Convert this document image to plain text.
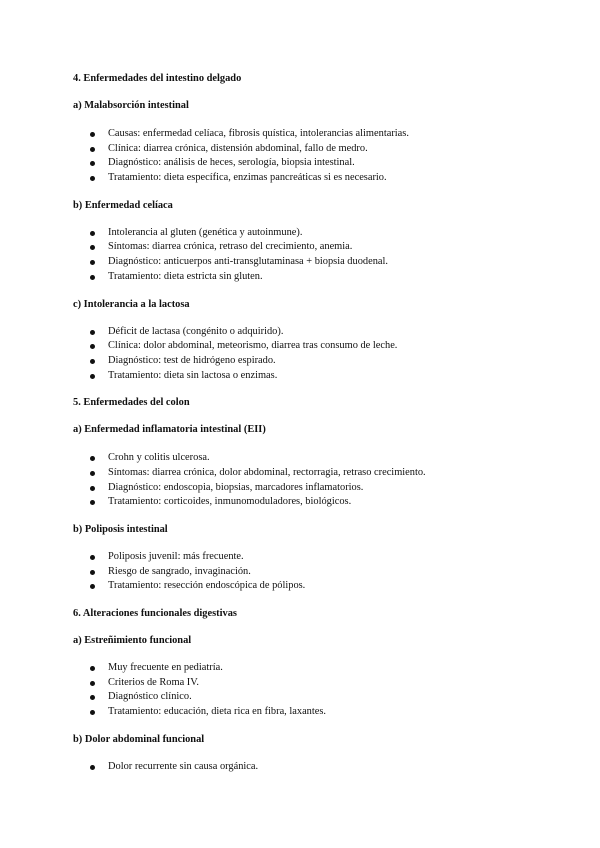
4. Enfermedades del intestino delgado

a) Malabsorción intestinal

Causas: enfermedad celíaca, fibrosis quística, intolerancias alimentarias.
Clínica: diarrea crónica, distensión abdominal, fallo de medro.
Diagnóstico: análisis de heces, serología, biopsia intestinal.
Tratamiento: dieta específica, enzimas pancreáticas si es necesario.

b) Enfermedad celíaca

Intolerancia al gluten (genética y autoinmune).
Síntomas: diarrea crónica, retraso del crecimiento, anemia.
Diagnóstico: anticuerpos anti-transglutaminasa + biopsia duodenal.
Tratamiento: dieta estricta sin gluten.

c) Intolerancia a la lactosa

Déficit de lactasa (congénito o adquirido).
Clínica: dolor abdominal, meteorismo, diarrea tras consumo de leche.
Diagnóstico: test de hidrógeno espirado.
Tratamiento: dieta sin lactosa o enzimas.

5. Enfermedades del colon

a) Enfermedad inflamatoria intestinal (EII)

Crohn y colitis ulcerosa.
Síntomas: diarrea crónica, dolor abdominal, rectorragia, retraso crecimiento.
Diagnóstico: endoscopia, biopsias, marcadores inflamatorios.
Tratamiento: corticoides, inmunomoduladores, biológicos.

b) Poliposis intestinal

Poliposis juvenil: más frecuente.
Riesgo de sangrado, invaginación.
Tratamiento: resección endoscópica de pólipos.

6. Alteraciones funcionales digestivas

a) Estreñimiento funcional

Muy frecuente en pediatría.
Criterios de Roma IV.
Diagnóstico clínico.
Tratamiento: educación, dieta rica en fibra, laxantes.

b) Dolor abdominal funcional

Dolor recurrente sin causa orgánica.
